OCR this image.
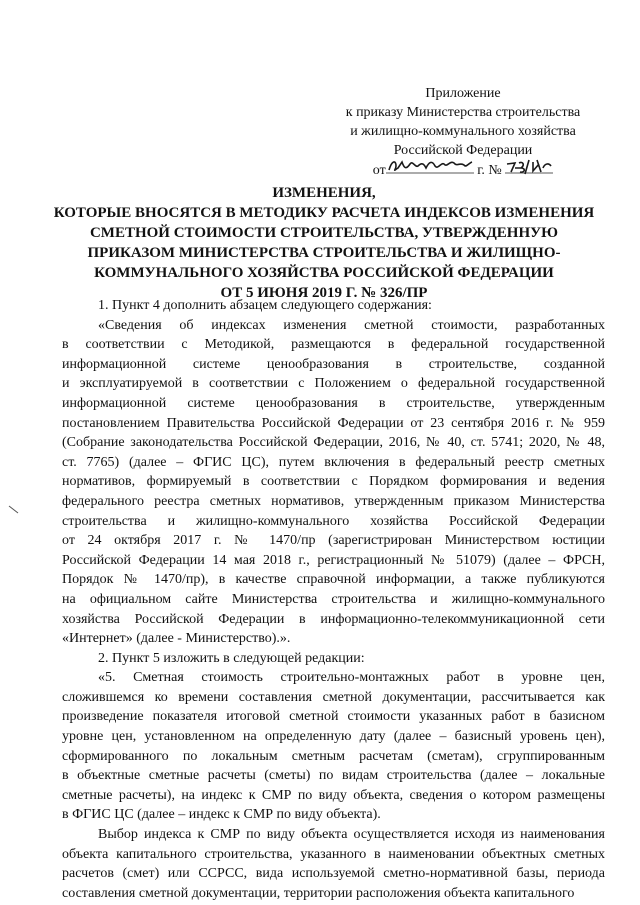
Приложение
к приказу Министерства строительства
и жилищно-коммунального хозяйства
Российской Федерации
от	г. №
ИЗМЕНЕНИЯ,
КОТОРЫЕ ВНОСЯТСЯ В МЕТОДИКУ РАСЧЕТА ИНДЕКСОВ ИЗМЕНЕНИЯ
СМЕТНОЙ СТОИМОСТИ СТРОИТЕЛЬСТВА, УТВЕРЖДЕННУЮ
ПРИКАЗОМ МИНИСТЕРСТВА СТРОИТЕЛЬСТВА И ЖИЛИЩНО-
КОММУНАЛЬНОГО ХОЗЯЙСТВА РОССИЙСКОЙ ФЕДЕРАЦИИ
ОТ 5 ИЮНЯ 2019 Г. № 326/ПР
1. Пункт 4 дополнить абзацем следующего содержания:
«Сведения об индексах изменения сметной стоимости, разработанных
в соответствии с Методикой, размещаются в федеральной государственной
информационной системе ценообразования в строительстве, созданной
и эксплуатируемой в соответствии с Положением о федеральной государственной
информационной системе ценообразования в строительстве, утвержденным
постановлением Правительства Российской Федерации от 23 сентября 2016 г. № 959
(Собрание законодательства Российской Федерации, 2016, № 40, ст. 5741; 2020, № 48,
ст. 7765) (далее – ФГИС ЦС), путем включения в федеральный реестр сметных
нормативов, формируемый в соответствии с Порядком формирования и ведения
федерального реестра сметных нормативов, утвержденным приказом Министерства
строительства и жилищно-коммунального хозяйства Российской Федерации
от 24 октября 2017 г. № 1470/пр (зарегистрирован Министерством юстиции
Российской Федерации 14 мая 2018 г., регистрационный № 51079) (далее – ФРСН,
Порядок № 1470/пр), в качестве справочной информации, а также публикуются
на официальном сайте Министерства строительства и жилищно-коммунального
хозяйства Российской Федерации в информационно-телекоммуникационной сети
«Интернет» (далее - Министерство).».
2. Пункт 5 изложить в следующей редакции:
«5. Сметная стоимость строительно-монтажных работ в уровне цен,
сложившемся ко времени составления сметной документации, рассчитывается как
произведение показателя итоговой сметной стоимости указанных работ в базисном
уровне цен, установленном на определенную дату (далее – базисный уровень цен),
сформированного по локальным сметным расчетам (сметам), сгруппированным
в объектные сметные расчеты (сметы) по видам строительства (далее – локальные
сметные расчеты), на индекс к СМР по виду объекта, сведения о котором размещены
в ФГИС ЦС (далее – индекс к СМР по виду объекта).
Выбор индекса к СМР по виду объекта осуществляется исходя из наименования
объекта капитального строительства, указанного в наименовании объектных сметных
расчетов (смет) или ССРСС, вида используемой сметно-нормативной базы, периода
составления сметной документации, территории расположения объекта капитального
